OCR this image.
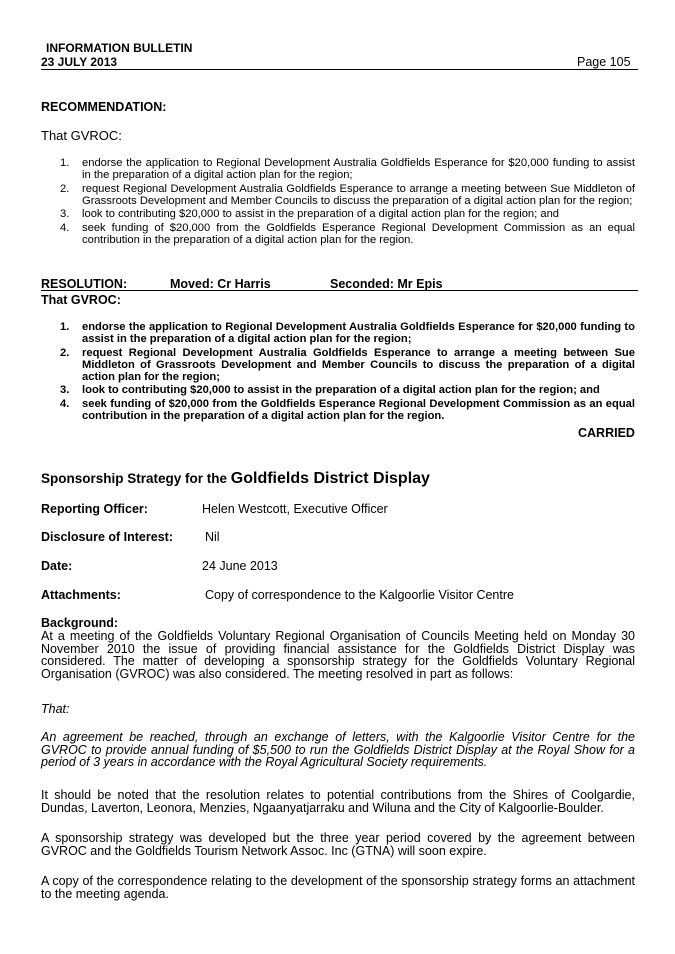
INFORMATION BULLETIN
23 JULY 2013	Page 105
RECOMMENDATION:
That GVROC:
1. endorse the application to Regional Development Australia Goldfields Esperance for $20,000 funding to assist in the preparation of a digital action plan for the region;
2. request Regional Development Australia Goldfields Esperance to arrange a meeting between Sue Middleton of Grassroots Development and Member Councils to discuss the preparation of a digital action plan for the region;
3. look to contributing $20,000 to assist in the preparation of a digital action plan for the region; and
4. seek funding of $20,000 from the Goldfields Esperance Regional Development Commission as an equal contribution in the preparation of a digital action plan for the region.
RESOLUTION:	Moved: Cr Harris	Seconded: Mr Epis
That GVROC:
1. endorse the application to Regional Development Australia Goldfields Esperance for $20,000 funding to assist in the preparation of a digital action plan for the region;
2. request Regional Development Australia Goldfields Esperance to arrange a meeting between Sue Middleton of Grassroots Development and Member Councils to discuss the preparation of a digital action plan for the region;
3. look to contributing $20,000 to assist in the preparation of a digital action plan for the region; and
4. seek funding of $20,000 from the Goldfields Esperance Regional Development Commission as an equal contribution in the preparation of a digital action plan for the region.
CARRIED
Sponsorship Strategy for the Goldfields District Display
Reporting Officer:	Helen Westcott, Executive Officer
Disclosure of Interest:	Nil
Date:	24 June 2013
Attachments:	Copy of correspondence to the Kalgoorlie Visitor Centre
Background:
At a meeting of the Goldfields Voluntary Regional Organisation of Councils Meeting held on Monday 30 November 2010 the issue of providing financial assistance for the Goldfields District Display was considered. The matter of developing a sponsorship strategy for the Goldfields Voluntary Regional Organisation (GVROC) was also considered. The meeting resolved in part as follows:
That:
An agreement be reached, through an exchange of letters, with the Kalgoorlie Visitor Centre for the GVROC to provide annual funding of $5,500 to run the Goldfields District Display at the Royal Show for a period of 3 years in accordance with the Royal Agricultural Society requirements.
It should be noted that the resolution relates to potential contributions from the Shires of Coolgardie, Dundas, Laverton, Leonora, Menzies, Ngaanyatjarraku and Wiluna and the City of Kalgoorlie-Boulder.
A sponsorship strategy was developed but the three year period covered by the agreement between GVROC and the Goldfields Tourism Network Assoc. Inc (GTNA) will soon expire.
A copy of the correspondence relating to the development of the sponsorship strategy forms an attachment to the meeting agenda.
